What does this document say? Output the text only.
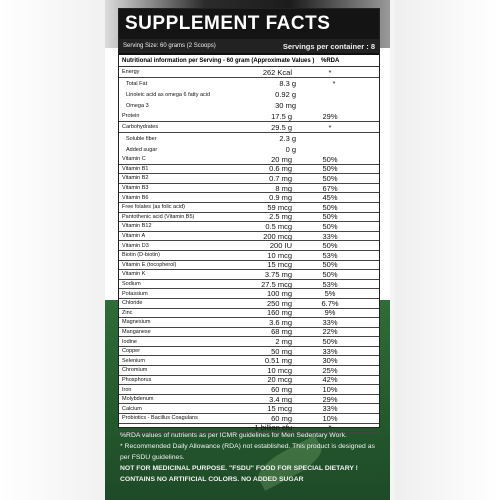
SUPPLEMENT FACTS
Serving Size: 60 grams (2 Scoops)	Servings per container : 8
Nutritional information per Serving - 60 gram (Approximate Values )	%RDA
Energy	262 Kcal	*
Total Fat	8.3 g	*
Linoleic acid as omega 6 fatty acid	0.92 g
Omega 3	30 mg
Protein	17.5 g	29%
Carbohydrates	29.5 g	*
Soluble fiber	2.3 g
Added sugar	0 g
Vitamin C	20 mg	50%
Vitamin B1	0.6 mg	50%
Vitamin B2	0.7 mg	50%
Vitamin B3	8 mg	67%
Vitamin B6	0.9 mg	45%
Free folates (as folic acid)	59 mcg	50%
Pantothenic acid (Vitamin B5)	2.5 mg	50%
Vitamin B12	0.5 mcg	50%
Vitamin A	200 mcg	33%
Vitamin D3	200 IU	50%
Biotin (D-biotin)	10 mcg	53%
Vitamin E (tocopherol)	15 mcg	50%
Vitamin K	3.75 mg	50%
Sodium	27.5 mcg	53%
Potassium	100 mg	5%
Chloride	250 mg	6.7%
Zinc	160 mg	9%
Magnesium	3.6 mg	33%
Manganese	68 mg	22%
Iodine	2 mg	50%
Copper	50 mg	33%
Selenium	0.51 mg	30%
Chromium	10 mcg	25%
Phosphorus	20 mcg	42%
Iron	60 mg	10%
Molybdenum	3.4 mg	29%
Calcium	15 mcg	33%
Probiotics - Bacillus Coagulans	60 mg	10%
1 billion cfu	*
%RDA values of nutrients as per ICMR guidelines for Men Sedentary Work.
* Recommended Daily Allowance (RDA) not established. This product is designed as
per FSDU guidelines.
NOT FOR MEDICINAL PURPOSE. "FSDU" FOOD FOR SPECIAL DIETARY !
CONTAINS NO ARTIFICIAL COLORS. NO ADDED SUGAR
